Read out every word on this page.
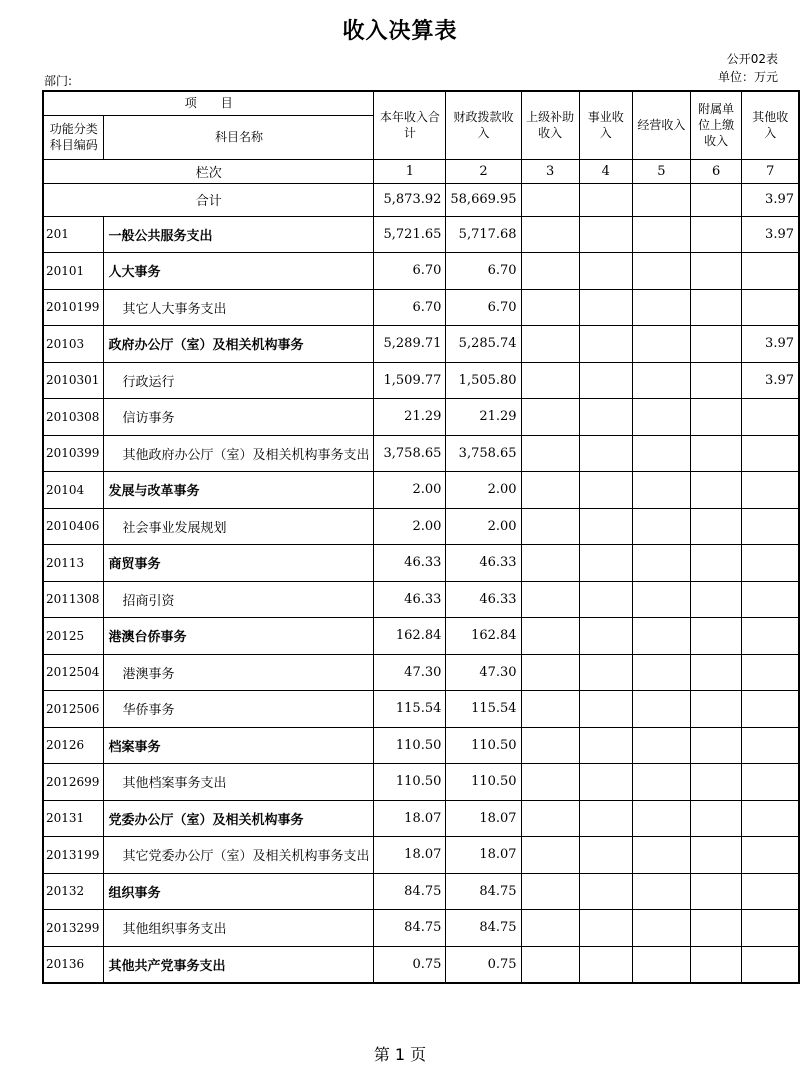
收入决算表
公开02表
单位：万元
部门:
项　　目		本年收入合计	财政拨款收入	上级补助收入	事业收入	经营收入	附属单位上缴收入	其他收入
功能分类科目编码	科目名称							
栏次		1	2	3	4	5	6	7
合计		5,873.92	58,669.95					3.97
201	一般公共服务支出	5,721.65	5,717.68					3.97
20101	人大事务	6.70	6.70					
2010199	其它人大事务支出	6.70	6.70					
20103	政府办公厅（室）及相关机构事务	5,289.71	5,285.74					3.97
2010301	行政运行	1,509.77	1,505.80					3.97
2010308	信访事务	21.29	21.29					
2010399	其他政府办公厅（室）及相关机构事务支出	3,758.65	3,758.65					
20104	发展与改革事务	2.00	2.00					
2010406	社会事业发展规划	2.00	2.00					
20113	商贸事务	46.33	46.33					
2011308	招商引资	46.33	46.33					
20125	港澳台侨事务	162.84	162.84					
2012504	港澳事务	47.30	47.30					
2012506	华侨事务	115.54	115.54					
20126	档案事务	110.50	110.50					
2012699	其他档案事务支出	110.50	110.50					
20131	党委办公厅（室）及相关机构事务	18.07	18.07					
2013199	其它党委办公厅（室）及相关机构事务支出	18.07	18.07					
20132	组织事务	84.75	84.75					
2013299	其他组织事务支出	84.75	84.75					
20136	其他共产党事务支出	0.75	0.75					
第 1 页
